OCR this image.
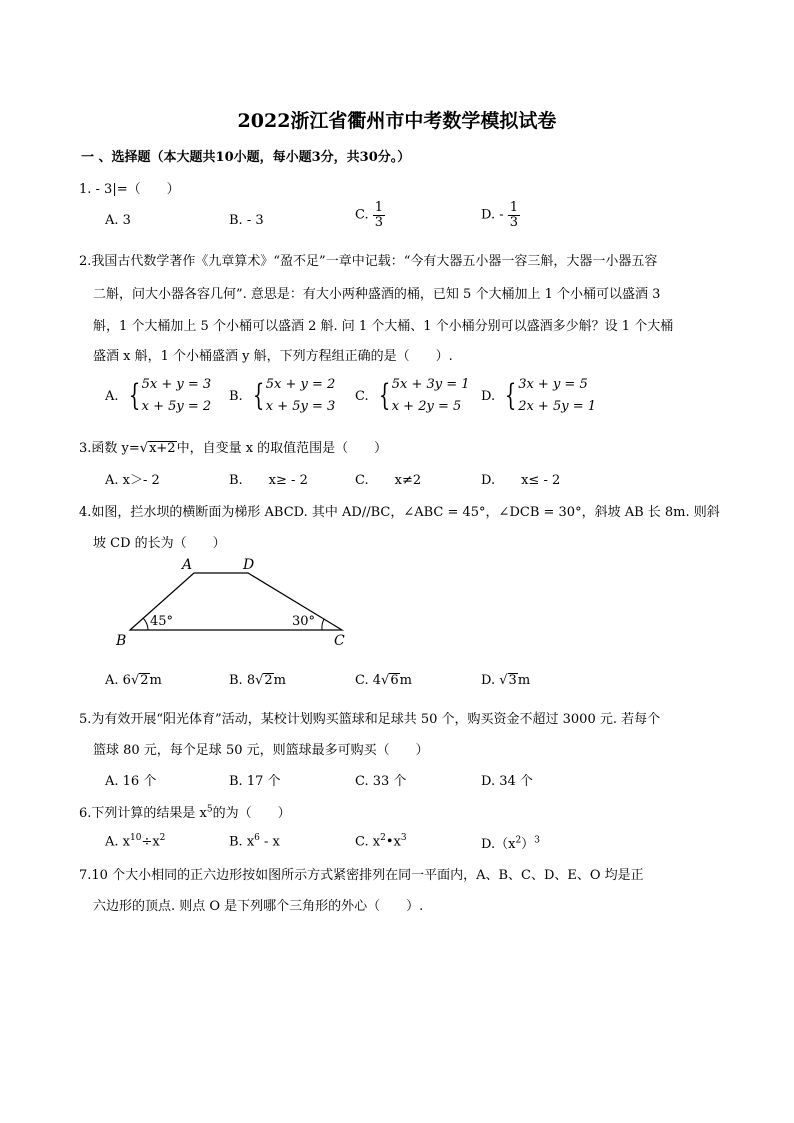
2022浙江省衢州市中考数学模拟试卷
一 、选择题（本大题共10小题，每小题3分，共30分。）
1. - 3|=（　　）
A. 3	B. - 3	C. $\frac{1}{3}$	D. - $\frac{1}{3}$
2.我国古代数学著作《九章算术》“盈不足”一章中记载：“今有大器五小器一容三斛，大器一小器五容
二斛，问大小器各容几何”. 意思是：有大小两种盛酒的桶，已知 5 个大桶加上 1 个小桶可以盛酒 3
斛，1 个大桶加上 5 个小桶可以盛酒 2 斛. 问 1 个大桶、1 个小桶分别可以盛酒多少斛？设 1 个大桶
盛酒 x 斛，1 个小桶盛酒 y 斛，下列方程组正确的是（　　）.
A. { 5x + y = 3
x + 5y = 2
B. { 5x + y = 2
x + 5y = 3
C. { 5x + 3y = 1
x + 2y = 5
D. { 3x + y = 5
2x + 5y = 1
3.函数 y=√x+2中，自变量 x 的取值范围是（　　）
A. x＞- 2	B.　　x≥ - 2	C.　　x≠2	D.　　x≤ - 2
4.如图，拦水坝的横断面为梯形 ABCD. 其中 AD//BC，∠ABC = 45°，∠DCB = 30°，斜坡 AB 长 8m. 则斜
坡 CD 的长为（　　）
A	D
B	C
45°	30°
A. 6√2m	B. 8√2m	C. 4√6m	D. √3m
5.为有效开展“阳光体育”活动，某校计划购买篮球和足球共 50 个，购买资金不超过 3000 元. 若每个
篮球 80 元，每个足球 50 元，则篮球最多可购买（　　）
A. 16 个	B. 17 个	C. 33 个	D. 34 个
6.下列计算的结果是 $x^5$的为（　　）
A. $x^{10}\div x^2$	B. $x^6$ - x	C. $x^2•x^3$	$D.(x^2)^3$
7.10 个大小相同的正六边形按如图所示方式紧密排列在同一平面内，A、B、C、D、E、O 均是正
六边形的顶点. 则点 O 是下列哪个三角形的外心（　　）.
